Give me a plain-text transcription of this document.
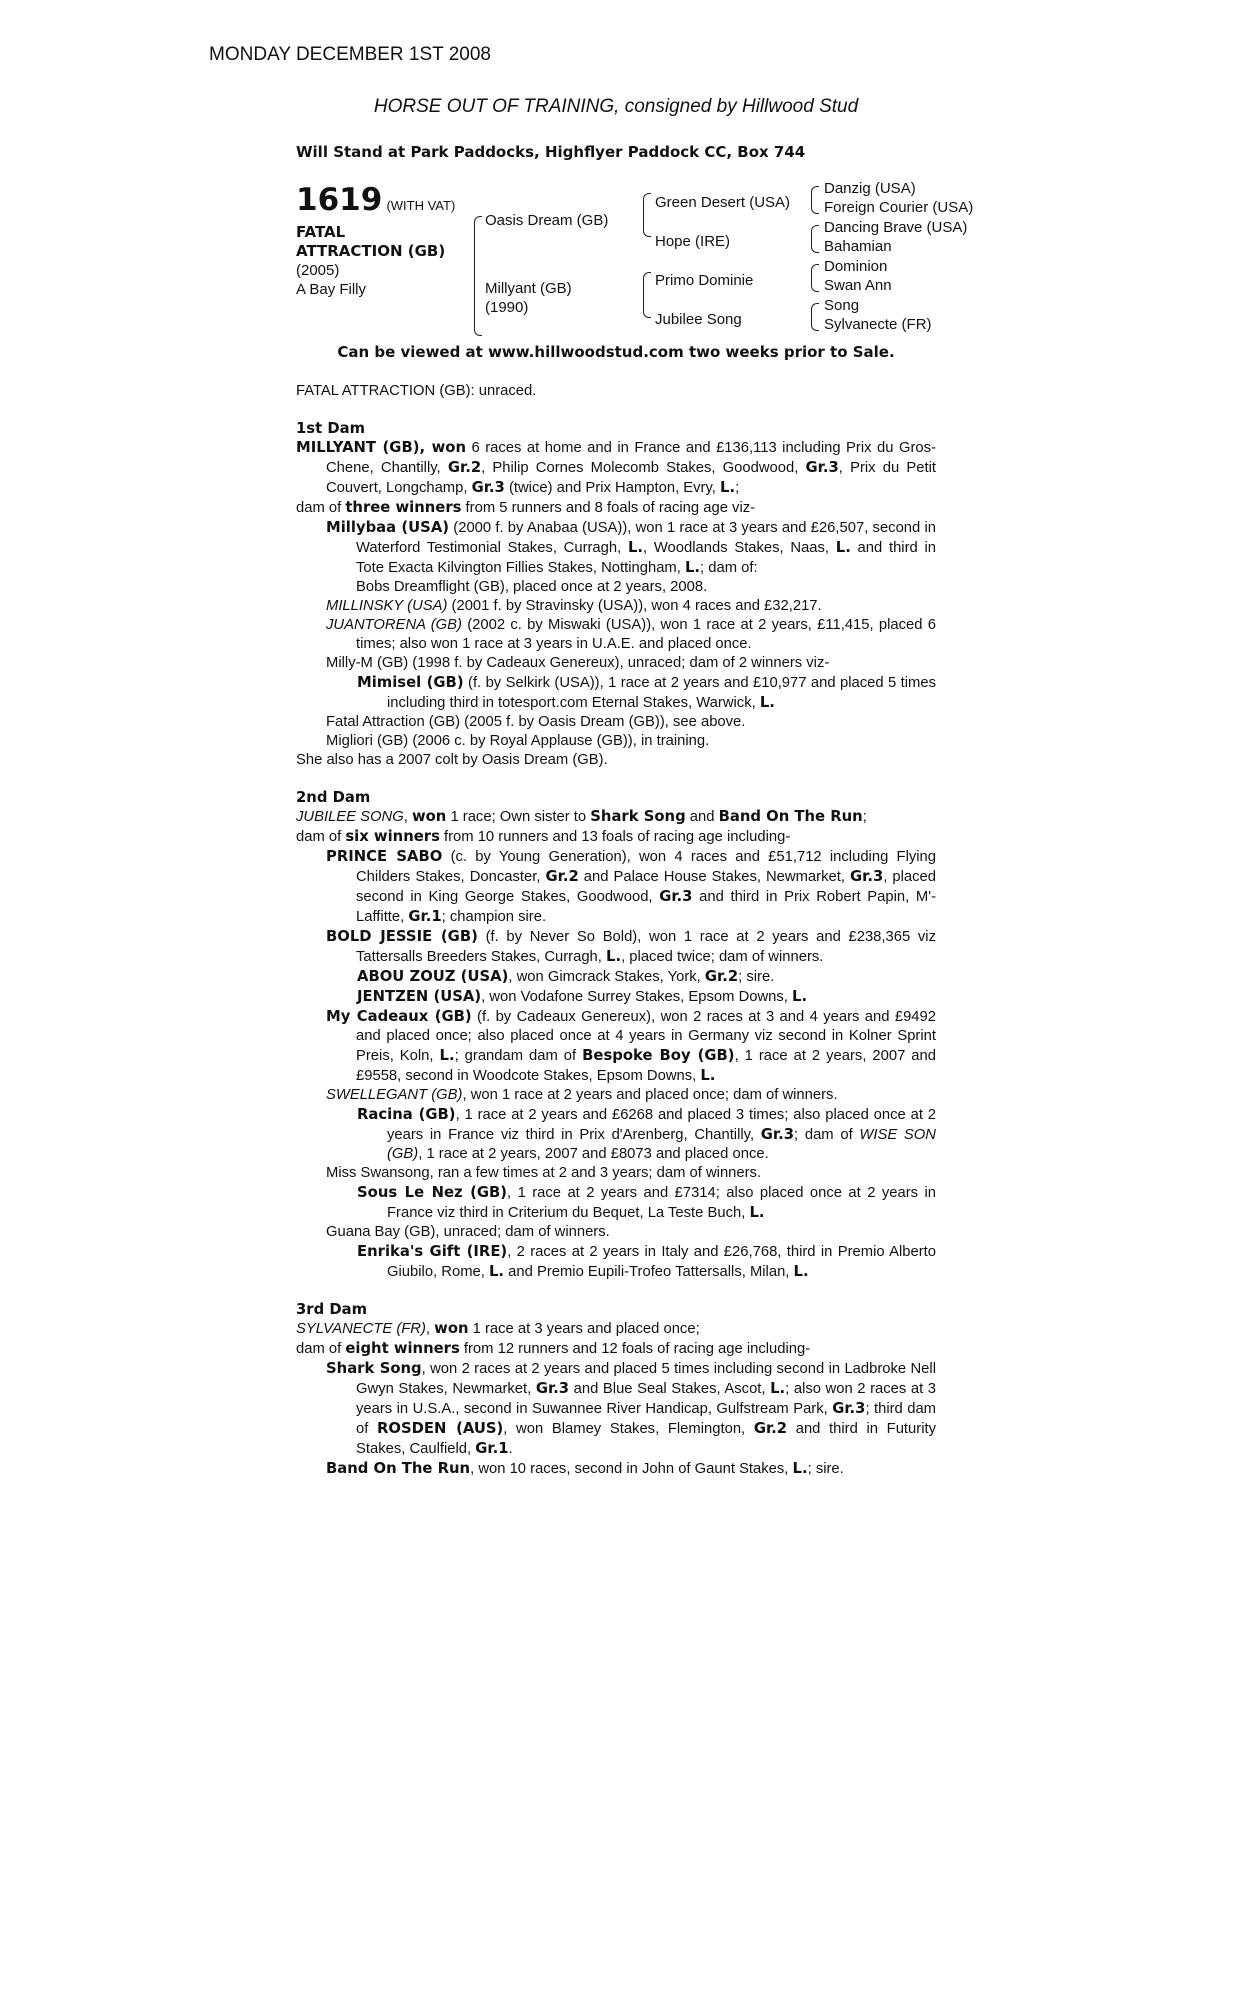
MONDAY DECEMBER 1ST 2008
HORSE OUT OF TRAINING, consigned by Hillwood Stud
Will Stand at Park Paddocks, Highflyer Paddock CC, Box 744
1619 (WITH VAT)
FATAL
ATTRACTION (GB)
(2005)
A Bay Filly
Oasis Dream (GB)
Millyant (GB)
(1990)
Green Desert (USA)
Hope (IRE)
Primo Dominie
Jubilee Song
Danzig (USA)
Foreign Courier (USA)
Dancing Brave (USA)
Bahamian
Dominion
Swan Ann
Song
Sylvanecte (FR)
Can be viewed at www.hillwoodstud.com two weeks prior to Sale.

FATAL ATTRACTION (GB): unraced.

1st Dam

MILLYANT (GB), won 6 races at home and in France and £136,113 including Prix du Gros-Chene, Chantilly, Gr.2, Philip Cornes Molecomb Stakes, Goodwood, Gr.3, Prix du Petit Couvert, Longchamp, Gr.3 (twice) and Prix Hampton, Evry, L.;

dam of three winners from 5 runners and 8 foals of racing age viz-

Millybaa (USA) (2000 f. by Anabaa (USA)), won 1 race at 3 years and £26,507, second in Waterford Testimonial Stakes, Curragh, L., Woodlands Stakes, Naas, L. and third in Tote Exacta Kilvington Fillies Stakes, Nottingham, L.; dam of:

Bobs Dreamflight (GB), placed once at 2 years, 2008.

MILLINSKY (USA) (2001 f. by Stravinsky (USA)), won 4 races and £32,217.

JUANTORENA (GB) (2002 c. by Miswaki (USA)), won 1 race at 2 years, £11,415, placed 6 times; also won 1 race at 3 years in U.A.E. and placed once.

Milly-M (GB) (1998 f. by Cadeaux Genereux), unraced; dam of 2 winners viz-

Mimisel (GB) (f. by Selkirk (USA)), 1 race at 2 years and £10,977 and placed 5 times including third in totesport.com Eternal Stakes, Warwick, L.

Fatal Attraction (GB) (2005 f. by Oasis Dream (GB)), see above.

Migliori (GB) (2006 c. by Royal Applause (GB)), in training.

She also has a 2007 colt by Oasis Dream (GB).

2nd Dam

JUBILEE SONG, won 1 race; Own sister to Shark Song and Band On The Run;

dam of six winners from 10 runners and 13 foals of racing age including-

PRINCE SABO (c. by Young Generation), won 4 races and £51,712 including Flying Childers Stakes, Doncaster, Gr.2 and Palace House Stakes, Newmarket, Gr.3, placed second in King George Stakes, Goodwood, Gr.3 and third in Prix Robert Papin, M'-Laffitte, Gr.1; champion sire.

BOLD JESSIE (GB) (f. by Never So Bold), won 1 race at 2 years and £238,365 viz Tattersalls Breeders Stakes, Curragh, L., placed twice; dam of winners.

ABOU ZOUZ (USA), won Gimcrack Stakes, York, Gr.2; sire.

JENTZEN (USA), won Vodafone Surrey Stakes, Epsom Downs, L.

My Cadeaux (GB) (f. by Cadeaux Genereux), won 2 races at 3 and 4 years and £9492 and placed once; also placed once at 4 years in Germany viz second in Kolner Sprint Preis, Koln, L.; grandam dam of Bespoke Boy (GB), 1 race at 2 years, 2007 and £9558, second in Woodcote Stakes, Epsom Downs, L.

SWELLEGANT (GB), won 1 race at 2 years and placed once; dam of winners.

Racina (GB), 1 race at 2 years and £6268 and placed 3 times; also placed once at 2 years in France viz third in Prix d'Arenberg, Chantilly, Gr.3; dam of WISE SON (GB), 1 race at 2 years, 2007 and £8073 and placed once.

Miss Swansong, ran a few times at 2 and 3 years; dam of winners.

Sous Le Nez (GB), 1 race at 2 years and £7314; also placed once at 2 years in France viz third in Criterium du Bequet, La Teste Buch, L.

Guana Bay (GB), unraced; dam of winners.

Enrika's Gift (IRE), 2 races at 2 years in Italy and £26,768, third in Premio Alberto Giubilo, Rome, L. and Premio Eupili-Trofeo Tattersalls, Milan, L.

3rd Dam

SYLVANECTE (FR), won 1 race at 3 years and placed once;

dam of eight winners from 12 runners and 12 foals of racing age including-

Shark Song, won 2 races at 2 years and placed 5 times including second in Ladbroke Nell Gwyn Stakes, Newmarket, Gr.3 and Blue Seal Stakes, Ascot, L.; also won 2 races at 3 years in U.S.A., second in Suwannee River Handicap, Gulfstream Park, Gr.3; third dam of ROSDEN (AUS), won Blamey Stakes, Flemington, Gr.2 and third in Futurity Stakes, Caulfield, Gr.1.

Band On The Run, won 10 races, second in John of Gaunt Stakes, L.; sire.
